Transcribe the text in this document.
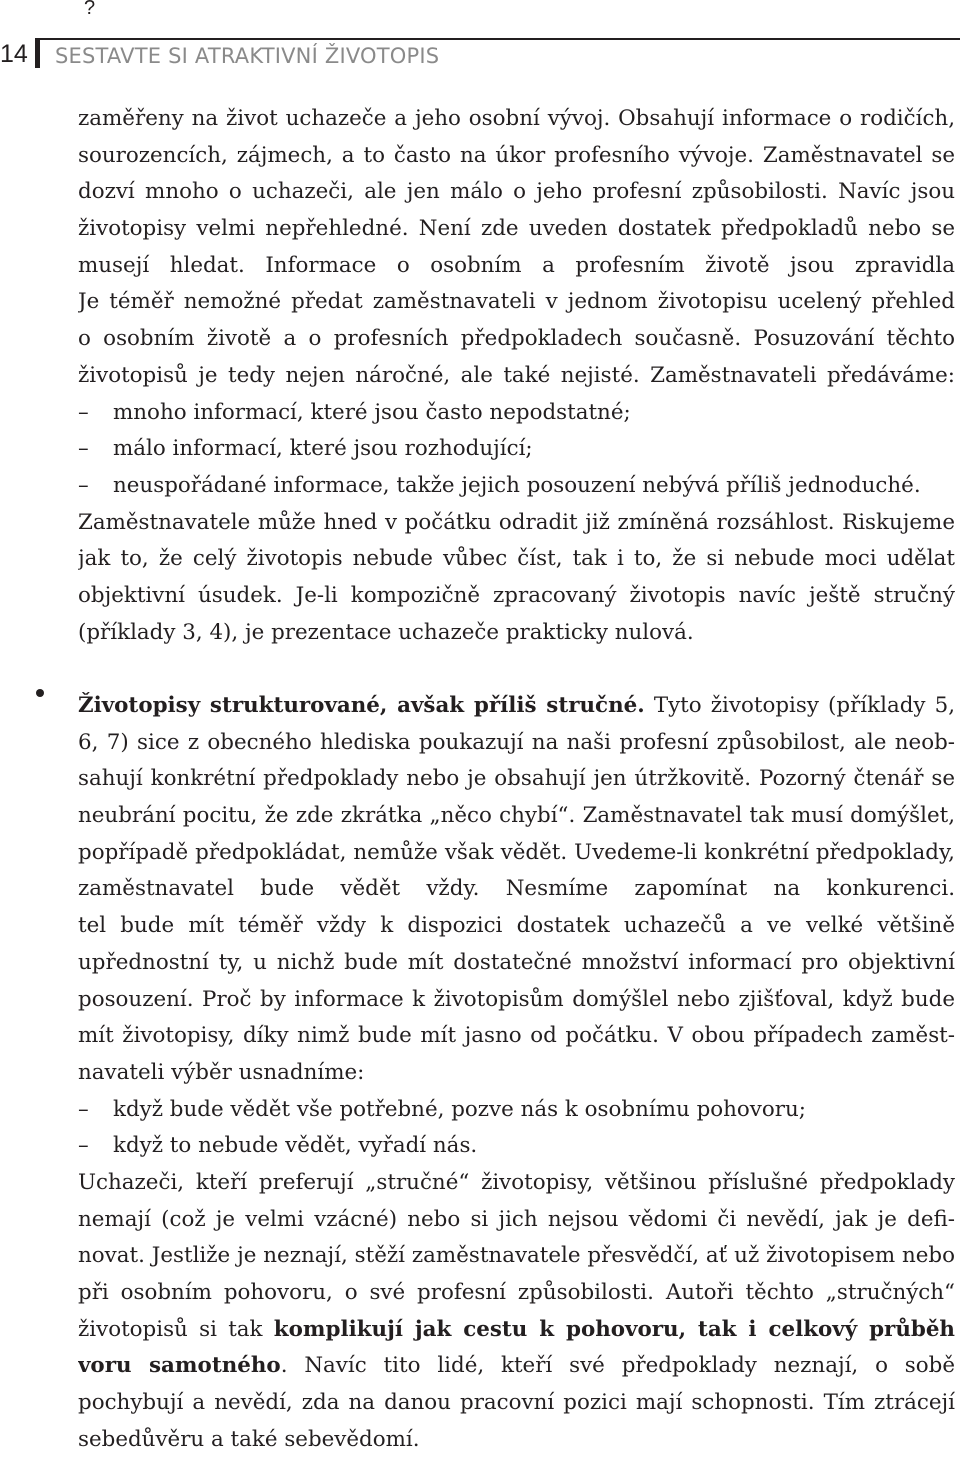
?
14 SESTAVTE SI ATRAKTIVNÍ ŽIVOTOPIS
zaměřeny na život uchazeče a jeho osobní vývoj. Obsahují informace o rodičích,
sourozencích, zájmech, a to často na úkor profesního vývoje. Zaměstnavatel se
dozví mnoho o uchazeči, ale jen málo o jeho profesní způsobilosti. Navíc jsou
životopisy velmi nepřehledné. Není zde uveden dostatek předpokladů nebo se
musejí hledat. Informace o osobním a profesním životě jsou zpravidla
Je téměř nemožné předat zaměstnavateli v jednom životopisu ucelený přehled
o osobním životě a o profesních předpokladech současně. Posuzování těchto
životopisů je tedy nejen náročné, ale také nejisté. Zaměstnavateli předáváme:
– mnoho informací, které jsou často nepodstatné;
– málo informací, které jsou rozhodující;
– neuspořádané informace, takže jejich posouzení nebývá příliš jednoduché.
Zaměstnavatele může hned v počátku odradit již zmíněná rozsáhlost. Riskujeme
jak to, že celý životopis nebude vůbec číst, tak i to, že si nebude moci udělat
objektivní úsudek. Je-li kompozičně zpracovaný životopis navíc ještě stručný
(příklady 3, 4), je prezentace uchazeče prakticky nulová.
Životopisy strukturované, avšak příliš stručné. Tyto životopisy (příklady 5,
6, 7) sice z obecného hlediska poukazují na naši profesní způsobilost, ale neob-
sahují konkrétní předpoklady nebo je obsahují jen útržkovitě. Pozorný čtenář se
neubrání pocitu, že zde zkrátka „něco chybí“. Zaměstnavatel tak musí domýšlet,
popřípadě předpokládat, nemůže však vědět. Uvedeme-li konkrétní předpoklady,
zaměstnavatel bude vědět vždy. Nesmíme zapomínat na konkurenci.
tel bude mít téměř vždy k dispozici dostatek uchazečů a ve velké většině
upřednostní ty, u nichž bude mít dostatečné množství informací pro objektivní
posouzení. Proč by informace k životopisům domýšlel nebo zjišťoval, když bude
mít životopisy, díky nimž bude mít jasno od počátku. V obou případech zaměst-
navateli výběr usnadníme:
– když bude vědět vše potřebné, pozve nás k osobnímu pohovoru;
– když to nebude vědět, vyřadí nás.
Uchazeči, kteří preferují „stručné“ životopisy, většinou příslušné předpoklady
nemají (což je velmi vzácné) nebo si jich nejsou vědomi či nevědí, jak je defi-
novat. Jestliže je neznají, stěží zaměstnavatele přesvědčí, ať už životopisem nebo
při osobním pohovoru, o své profesní způsobilosti. Autoři těchto „stručných“
životopisů si tak komplikují jak cestu k pohovoru, tak i celkový průběh
voru samotného. Navíc tito lidé, kteří své předpoklady neznají, o sobě
pochybují a nevědí, zda na danou pracovní pozici mají schopnosti. Tím ztrácejí
sebedůvěru a také sebevědomí.
